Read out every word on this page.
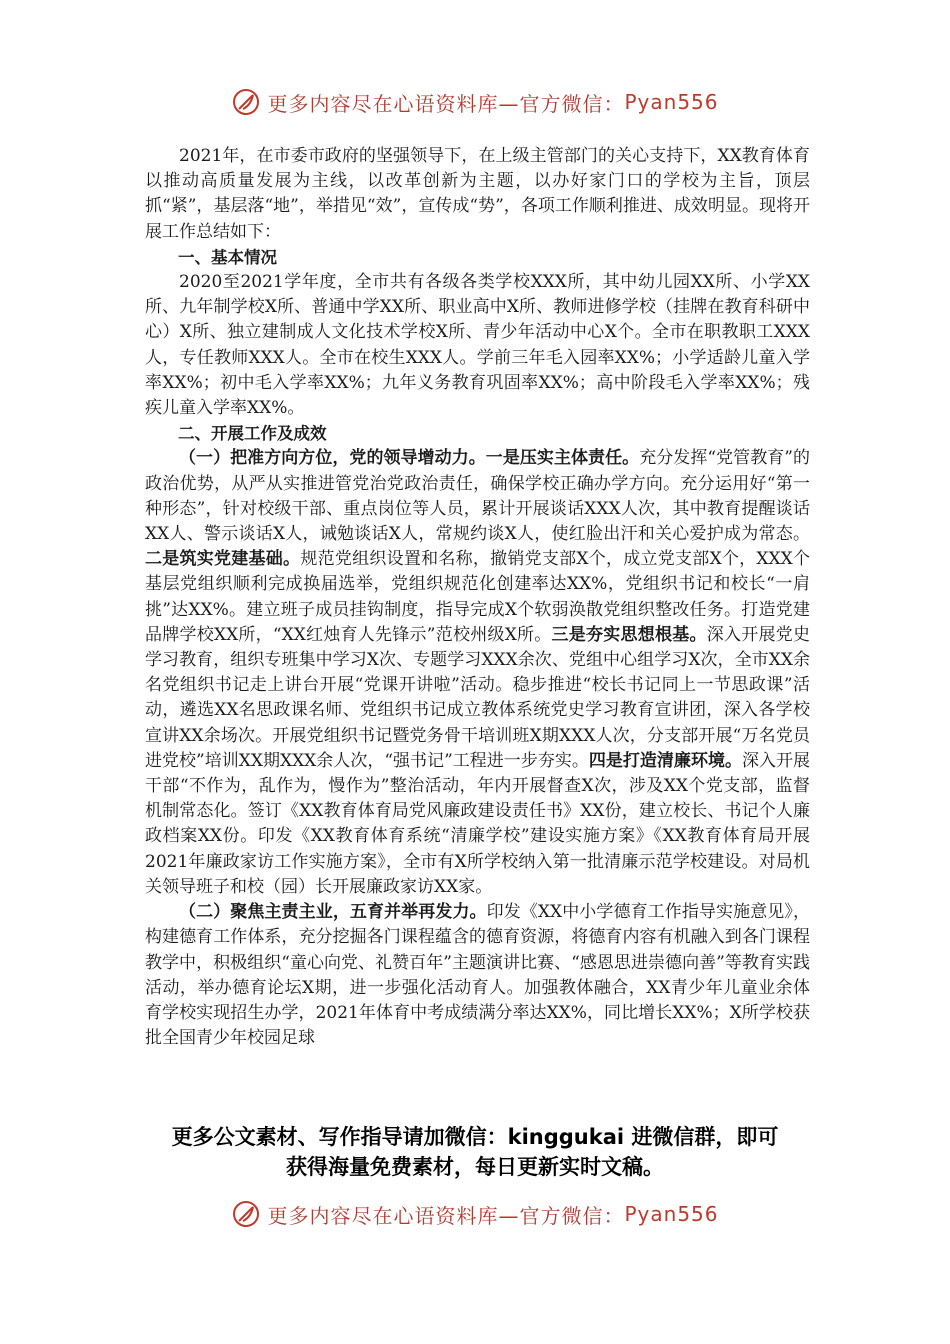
更多内容尽在心语资料库—官方微信： Pyan556

2021年，在市委市政府的坚强领导下，在上级主管部门的关心支持下，XX教育体育以推动高质量发展为主线，以改革创新为主题，以办好家门口的学校为主旨，顶层抓“紧”，基层落“地”，举措见“效”，宣传成“势”，各项工作顺利推进、成效明显。现将开展工作总结如下：

一、基本情况

2020至2021学年度，全市共有各级各类学校XXX所，其中幼儿园XX所、小学XX所、九年制学校X所、普通中学XX所、职业高中X所、教师进修学校（挂牌在教育科研中心）X所、独立建制成人文化技术学校X所、青少年活动中心X个。全市在职教职工XXX人，专任教师XXX人。全市在校生XXX人。学前三年毛入园率XX%；小学适龄儿童入学率XX%；初中毛入学率XX%；九年义务教育巩固率XX%；高中阶段毛入学率XX%；残疾儿童入学率XX%。

二、开展工作及成效

（一）把准方向方位，党的领导增动力。一是压实主体责任。充分发挥“党管教育”的政治优势，从严从实推进管党治党政治责任，确保学校正确办学方向。充分运用好“第一种形态”，针对校级干部、重点岗位等人员，累计开展谈话XXX人次，其中教育提醒谈话XX人、警示谈话X人，诫勉谈话X人，常规约谈X人，使红脸出汗和关心爱护成为常态。二是筑实党建基础。规范党组织设置和名称，撤销党支部X个，成立党支部X个，XXX个基层党组织顺利完成换届选举，党组织规范化创建率达XX%，党组织书记和校长“一肩挑”达XX%。建立班子成员挂钩制度，指导完成X个软弱涣散党组织整改任务。打造党建品牌学校XX所，“XX红烛育人先锋示”范校州级X所。三是夯实思想根基。深入开展党史学习教育，组织专班集中学习X次、专题学习XXX余次、党组中心组学习X次，全市XX余名党组织书记走上讲台开展“党课开讲啦”活动。稳步推进“校长书记同上一节思政课”活动，遴选XX名思政课名师、党组织书记成立教体系统党史学习教育宣讲团，深入各学校宣讲XX余场次。开展党组织书记暨党务骨干培训班X期XXX人次，分支部开展“万名党员进党校”培训XX期XXX余人次，“强书记”工程进一步夯实。四是打造清廉环境。深入开展干部“不作为，乱作为，慢作为”整治活动，年内开展督查X次，涉及XX个党支部，监督机制常态化。签订《XX教育体育局党风廉政建设责任书》XX份，建立校长、书记个人廉政档案XX份。印发《XX教育体育系统“清廉学校”建设实施方案》《XX教育体育局开展2021年廉政家访工作实施方案》，全市有X所学校纳入第一批清廉示范学校建设。对局机关领导班子和校（园）长开展廉政家访XX家。

（二）聚焦主责主业，五育并举再发力。印发《XX中小学德育工作指导实施意见》，构建德育工作体系，充分挖掘各门课程蕴含的德育资源，将德育内容有机融入到各门课程教学中，积极组织“童心向党、礼赞百年”主题演讲比赛、“感恩思进崇德向善”等教育实践活动，举办德育论坛X期，进一步强化活动育人。加强教体融合，XX青少年儿童业余体育学校实现招生办学，2021年体育中考成绩满分率达XX%，同比增长XX%；X所学校获批全国青少年校园足球

更多公文素材、写作指导请加微信：kinggukai 进微信群，即可
获得海量免费素材，每日更新实时文稿。
更多内容尽在心语资料库—官方微信： Pyan556
